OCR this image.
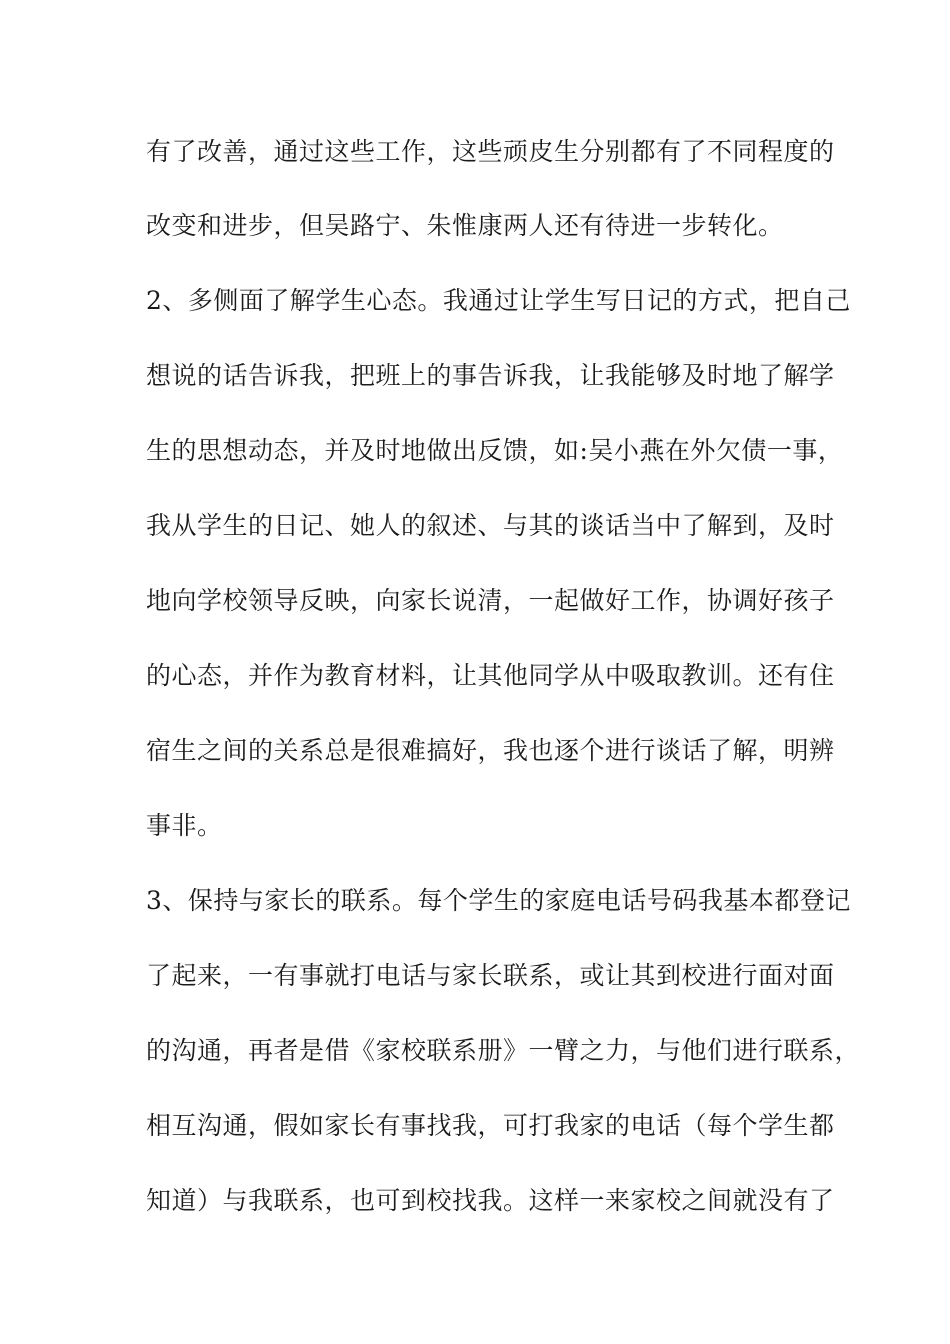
有了改善，通过这些工作，这些顽皮生分别都有了不同程度的
改变和进步，但吴路宁、朱惟康两人还有待进一步转化。
2、多侧面了解学生心态。我通过让学生写日记的方式，把自己
想说的话告诉我，把班上的事告诉我，让我能够及时地了解学
生的思想动态，并及时地做出反馈，如:吴小燕在外欠债一事，
我从学生的日记、她人的叙述、与其的谈话当中了解到，及时
地向学校领导反映，向家长说清，一起做好工作，协调好孩子
的心态，并作为教育材料，让其他同学从中吸取教训。还有住
宿生之间的关系总是很难搞好，我也逐个进行谈话了解，明辨
事非。
3、保持与家长的联系。每个学生的家庭电话号码我基本都登记
了起来，一有事就打电话与家长联系，或让其到校进行面对面
的沟通，再者是借《家校联系册》一臂之力，与他们进行联系，
相互沟通，假如家长有事找我，可打我家的电话（每个学生都
知道）与我联系，也可到校找我。这样一来家校之间就没有了
